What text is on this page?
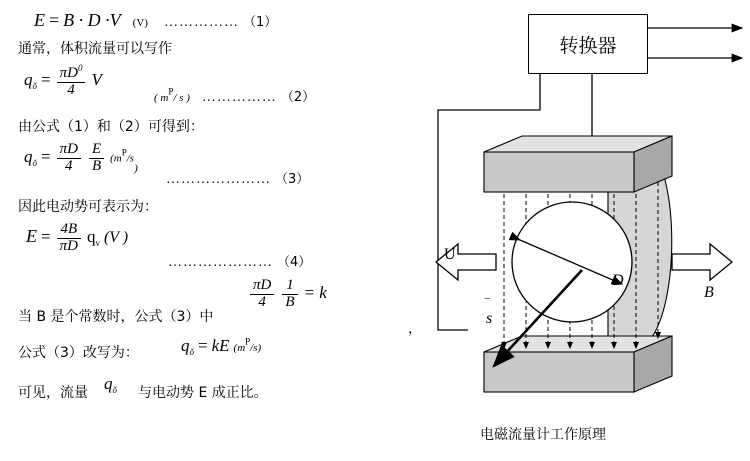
E = B · D ·V (V) …………… （1）
通常，体积流量可以写作
$q_ǒ = \frac{\pi D^0}{4}$ V
( $m^P/$ s ) …………… （2）
由公式（1）和（2）可得到：
$q_ǒ = \frac{\pi D}{4}$
$\frac{E}{B} (m^P/s)$
………………… （3）
因此电动势可表示为：
$E = \frac{4B}{\pi D} q_v$ (V )
………………… （4）
$\frac{\pi D}{4}$
$\frac{1}{B} = k$
当 B 是个常数时，公式（3）中
，
公式（3）改写为： $q_ǒ$ = kE $(m^P/s)$
可见，流量 $q_ǒ$ 与电动势 E 成正比。
转换器
U
B
D
s
‾
电磁流量计工作原理
